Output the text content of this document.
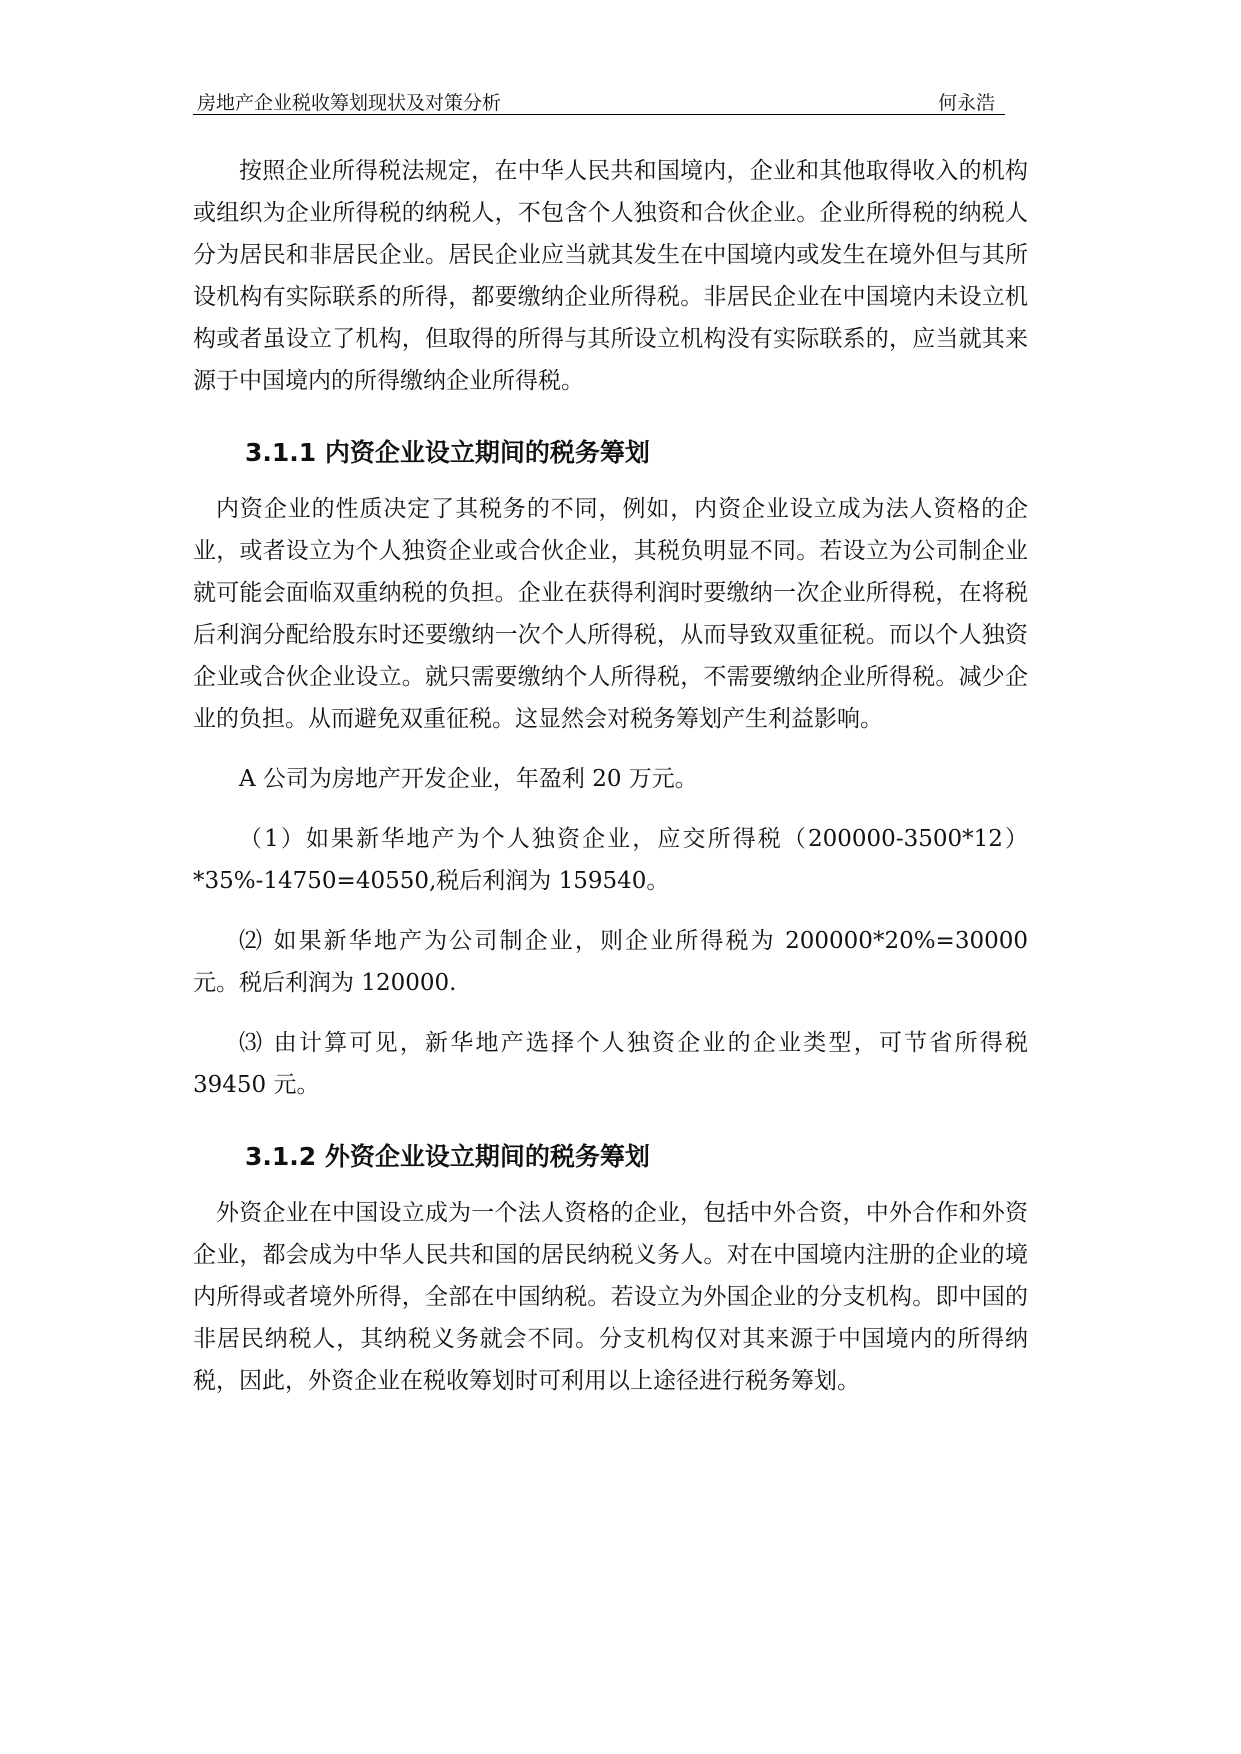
房地产企业税收筹划现状及对策分析	何永浩

按照企业所得税法规定，在中华人民共和国境内，企业和其他取得收入的机构或组织为企业所得税的纳税人，不包含个人独资和合伙企业。企业所得税的纳税人分为居民和非居民企业。居民企业应当就其发生在中国境内或发生在境外但与其所设机构有实际联系的所得，都要缴纳企业所得税。非居民企业在中国境内未设立机构或者虽设立了机构，但取得的所得与其所设立机构没有实际联系的，应当就其来源于中国境内的所得缴纳企业所得税。

3.1.1 内资企业设立期间的税务筹划

内资企业的性质决定了其税务的不同，例如，内资企业设立成为法人资格的企业，或者设立为个人独资企业或合伙企业，其税负明显不同。若设立为公司制企业就可能会面临双重纳税的负担。企业在获得利润时要缴纳一次企业所得税，在将税后利润分配给股东时还要缴纳一次个人所得税，从而导致双重征税。而以个人独资企业或合伙企业设立。就只需要缴纳个人所得税，不需要缴纳企业所得税。减少企业的负担。从而避免双重征税。这显然会对税务筹划产生利益影响。

A 公司为房地产开发企业，年盈利 20 万元。

（1）如果新华地产为个人独资企业，应交所得税（200000-3500*12）*35%-14750=40550,税后利润为 159540。

⑵ 如果新华地产为公司制企业，则企业所得税为 200000*20%=30000 元。税后利润为 120000.

⑶ 由计算可见，新华地产选择个人独资企业的企业类型，可节省所得税 39450 元。

3.1.2 外资企业设立期间的税务筹划

外资企业在中国设立成为一个法人资格的企业，包括中外合资，中外合作和外资企业，都会成为中华人民共和国的居民纳税义务人。对在中国境内注册的企业的境内所得或者境外所得，全部在中国纳税。若设立为外国企业的分支机构。即中国的非居民纳税人，其纳税义务就会不同。分支机构仅对其来源于中国境内的所得纳税，因此，外资企业在税收筹划时可利用以上途径进行税务筹划。
